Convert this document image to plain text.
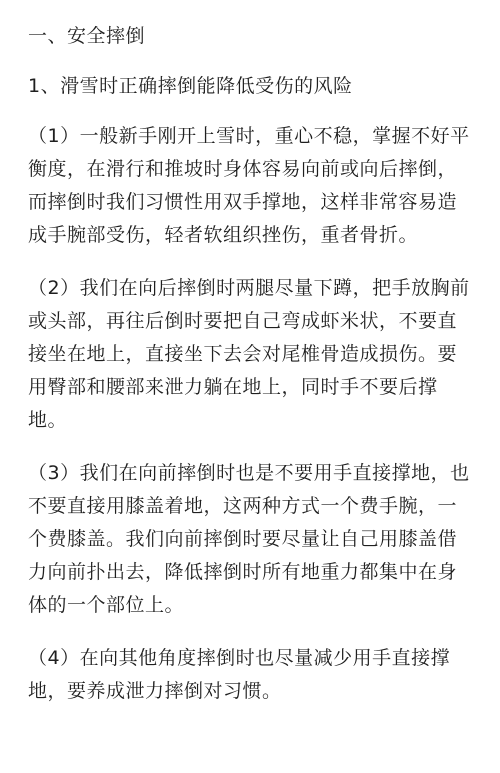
一、安全摔倒
1、滑雪时正确摔倒能降低受伤的风险

（1）一般新手刚开上雪时，重心不稳，掌握不好平衡度，在滑行和推坡时身体容易向前或向后摔倒，而摔倒时我们习惯性用双手撑地，这样非常容易造成手腕部受伤，轻者软组织挫伤，重者骨折。

（2）我们在向后摔倒时两腿尽量下蹲，把手放胸前或头部，再往后倒时要把自己弯成虾米状，不要直接坐在地上，直接坐下去会对尾椎骨造成损伤。要用臀部和腰部来泄力躺在地上，同时手不要后撑地。

（3）我们在向前摔倒时也是不要用手直接撑地，也不要直接用膝盖着地，这两种方式一个费手腕，一个费膝盖。我们向前摔倒时要尽量让自己用膝盖借力向前扑出去，降低摔倒时所有地重力都集中在身体的一个部位上。

（4）在向其他角度摔倒时也尽量减少用手直接撑地，要养成泄力摔倒对习惯。
